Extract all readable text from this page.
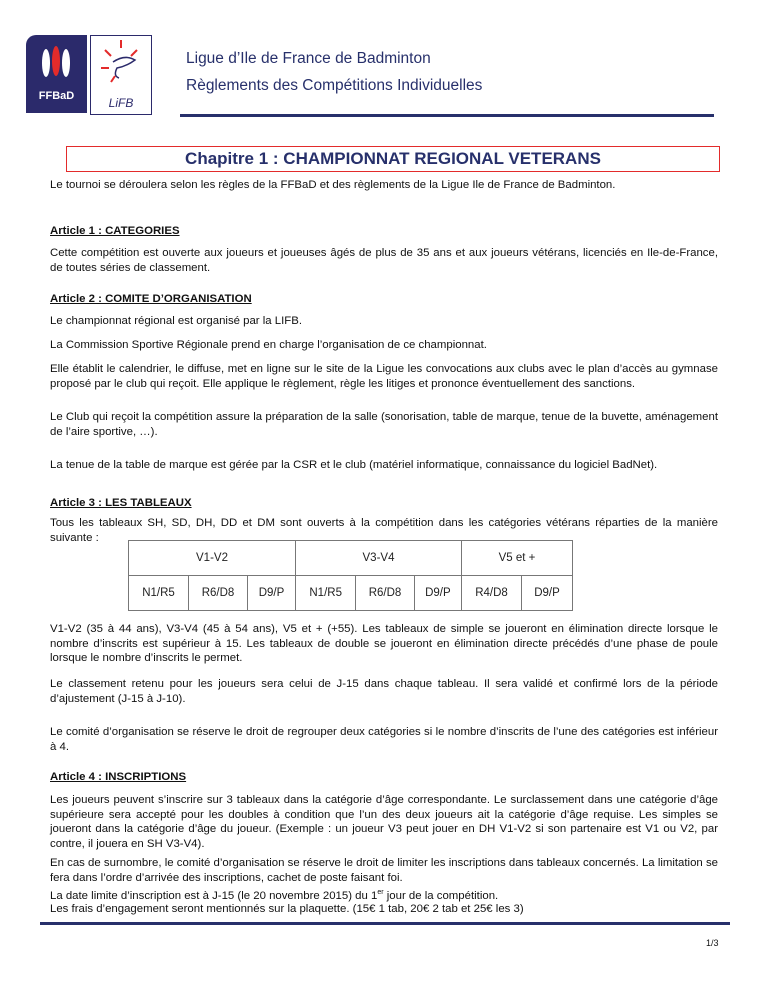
FFBaD	LiFB
Ligue d’Ile de France de Badminton
Règlements des Compétitions Individuelles
Chapitre 1 : CHAMPIONNAT REGIONAL VETERANS
Le tournoi se déroulera selon les règles de la FFBaD et des règlements de la Ligue Ile de France de Badminton.
Article 1 : CATEGORIES
Cette compétition est ouverte aux joueurs et joueuses âgés de plus de 35 ans et aux joueurs vétérans, licenciés en Ile-de-France, de toutes séries de classement.
Article 2 : COMITE D’ORGANISATION
Le championnat régional est organisé par la LIFB.
La Commission Sportive Régionale prend en charge l’organisation de ce championnat.
Elle établit le calendrier, le diffuse, met en ligne sur le site de la Ligue les convocations aux clubs avec le plan d’accès au gymnase proposé par le club qui reçoit. Elle applique le règlement, règle les litiges et prononce éventuellement des sanctions.
Le Club qui reçoit la compétition assure la préparation de la salle (sonorisation, table de marque, tenue de la buvette, aménagement de l’aire sportive, …).
La tenue de la table de marque est gérée par la CSR et le club (matériel informatique, connaissance du logiciel BadNet).
Article 3 : LES TABLEAUX
Tous les tableaux SH, SD, DH, DD et DM sont ouverts à la compétition dans les catégories vétérans réparties de la manière suivante :
V1-V2			V3-V4			V5 et +	
N1/R5	R6/D8	D9/P	N1/R5	R6/D8	D9/P	R4/D8	D9/P
V1-V2 (35 à 44 ans), V3-V4 (45 à 54 ans), V5 et + (+55). Les tableaux de simple se joueront en élimination directe lorsque le nombre d’inscrits est supérieur à 15. Les tableaux de double se joueront en élimination directe précédés d’une phase de poule lorsque le nombre d’inscrits le permet.
Le classement retenu pour les joueurs sera celui de J-15 dans chaque tableau. Il sera validé et confirmé lors de la période d’ajustement (J-15 à J-10).
Le comité d’organisation se réserve le droit de regrouper deux catégories si le nombre d’inscrits de l’une des catégories est inférieur à 4.
Article 4 : INSCRIPTIONS
Les joueurs peuvent s’inscrire sur 3 tableaux dans la catégorie d’âge correspondante. Le surclassement dans une catégorie d’âge supérieure sera accepté pour les doubles à condition que l’un des deux joueurs ait la catégorie d’âge requise. Les simples se joueront dans la catégorie d’âge du joueur. (Exemple : un joueur V3 peut jouer en DH V1-V2 si son partenaire est V1 ou V2, par contre, il jouera en SH V3-V4).
En cas de surnombre, le comité d’organisation se réserve le droit de limiter les inscriptions dans tableaux concernés. La limitation se fera dans l’ordre d’arrivée des inscriptions, cachet de poste faisant foi.
La date limite d’inscription est à J-15 (le 20 novembre 2015) du 1er jour de la compétition.
Les frais d’engagement seront mentionnés sur la plaquette. (15€ 1 tab, 20€ 2 tab et 25€ les 3)
1/3
